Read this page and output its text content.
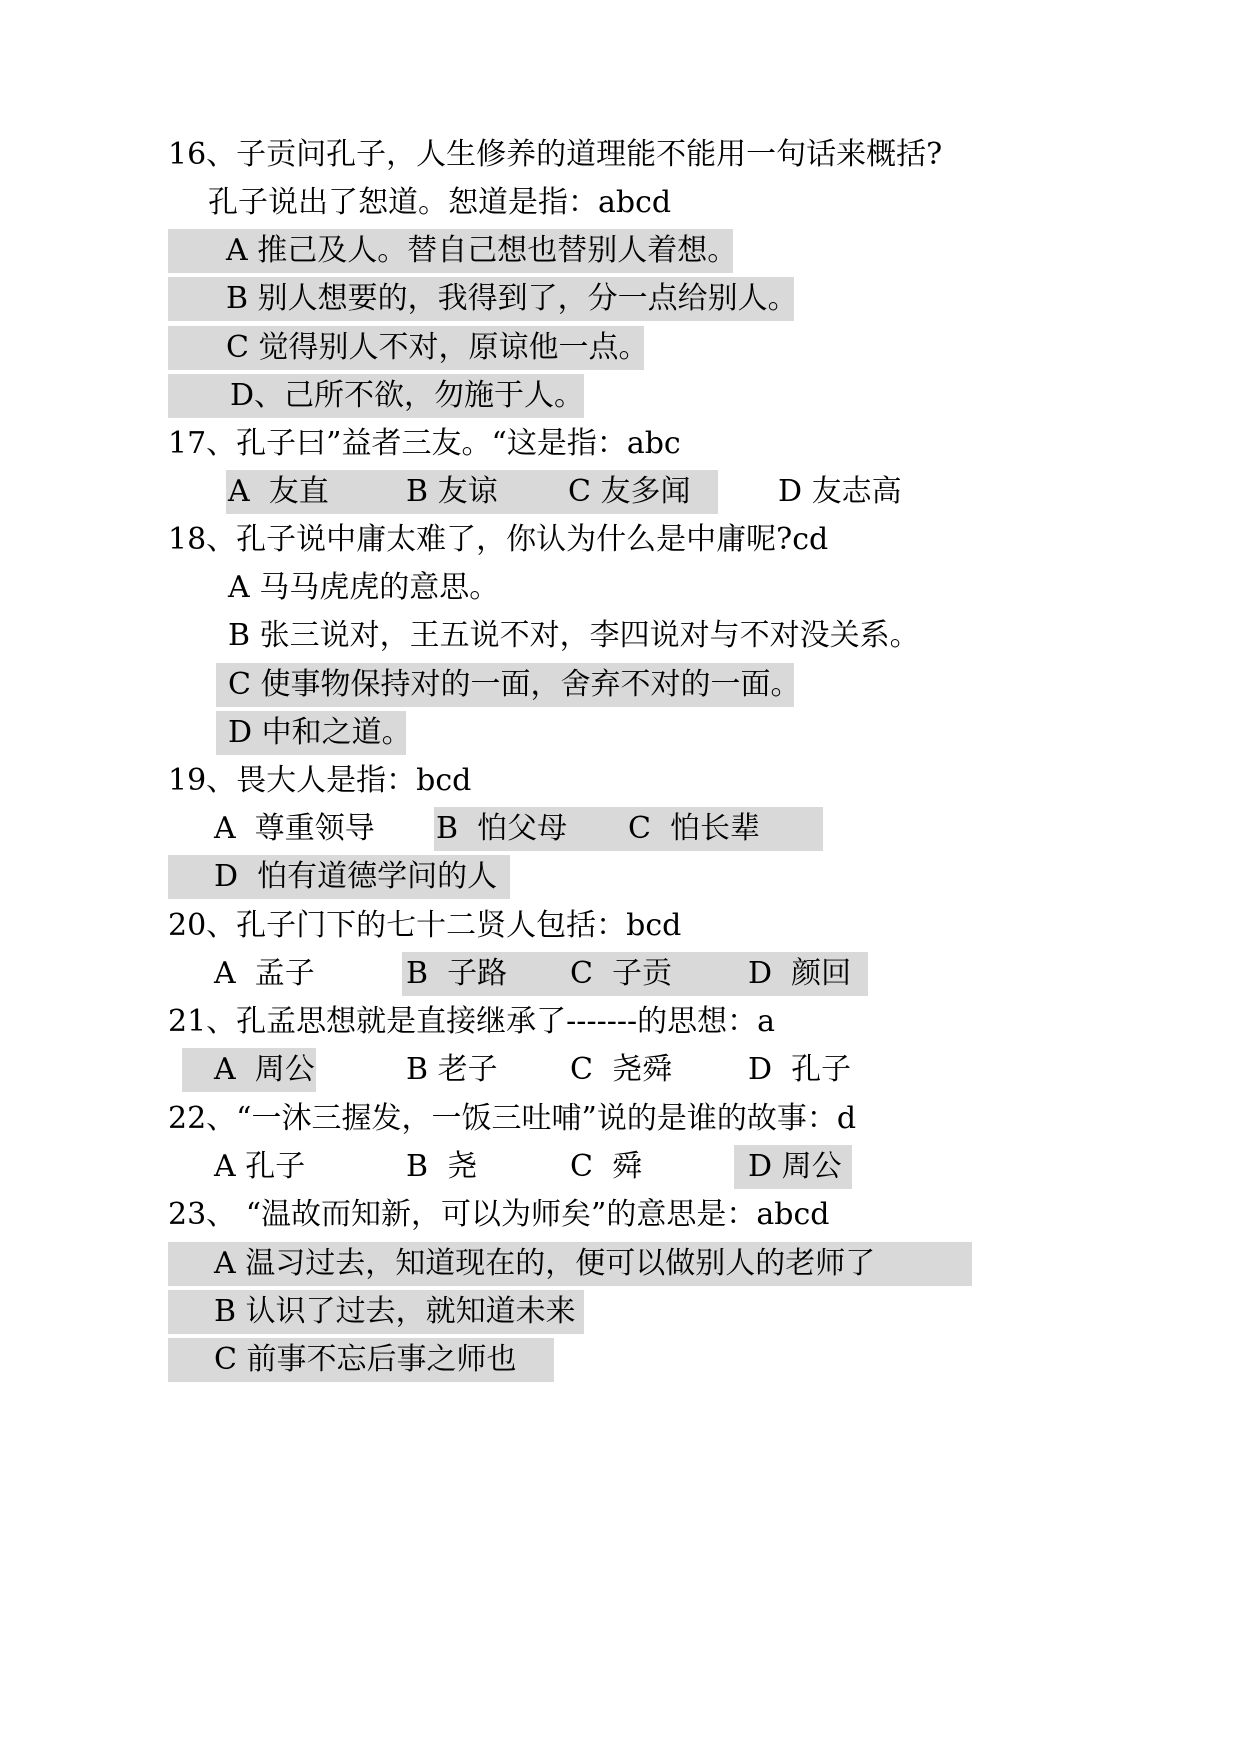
16、子贡问孔子，人生修养的道理能不能用一句话来概括?
孔子说出了恕道。恕道是指：abcd
A 推己及人。替自己想也替别人着想。
B 别人想要的，我得到了，分一点给别人。
C 觉得别人不对，原谅他一点。
D、己所不欲，勿施于人。
17、孔子曰”益者三友。“这是指：abc
A  友直	B 友谅 C 友多闻	D 友志高
18、孔子说中庸太难了，你认为什么是中庸呢?cd
A 马马虎虎的意思。
B 张三说对，王五说不对，李四说对与不对没关系。
C 使事物保持对的一面，舍弃不对的一面。
D 中和之道。
19、畏大人是指：bcd
A  尊重领导 B  怕父母 C  怕长辈
D  怕有道德学问的人
20、孔子门下的七十二贤人包括：bcd
A  孟子	B  子路 C  子贡	D  颜回
21、孔孟思想就是直接继承了-------的思想：a
A  周公	B 老子 C  尧舜	D  孔子
22、“一沐三握发，一饭三吐哺”说的是谁的故事：d
A 孔子	B  尧	C  舜	D 周公
23、 “温故而知新，可以为师矣”的意思是：abcd
A 温习过去，知道现在的，便可以做别人的老师了
B 认识了过去，就知道未来
C 前事不忘后事之师也
